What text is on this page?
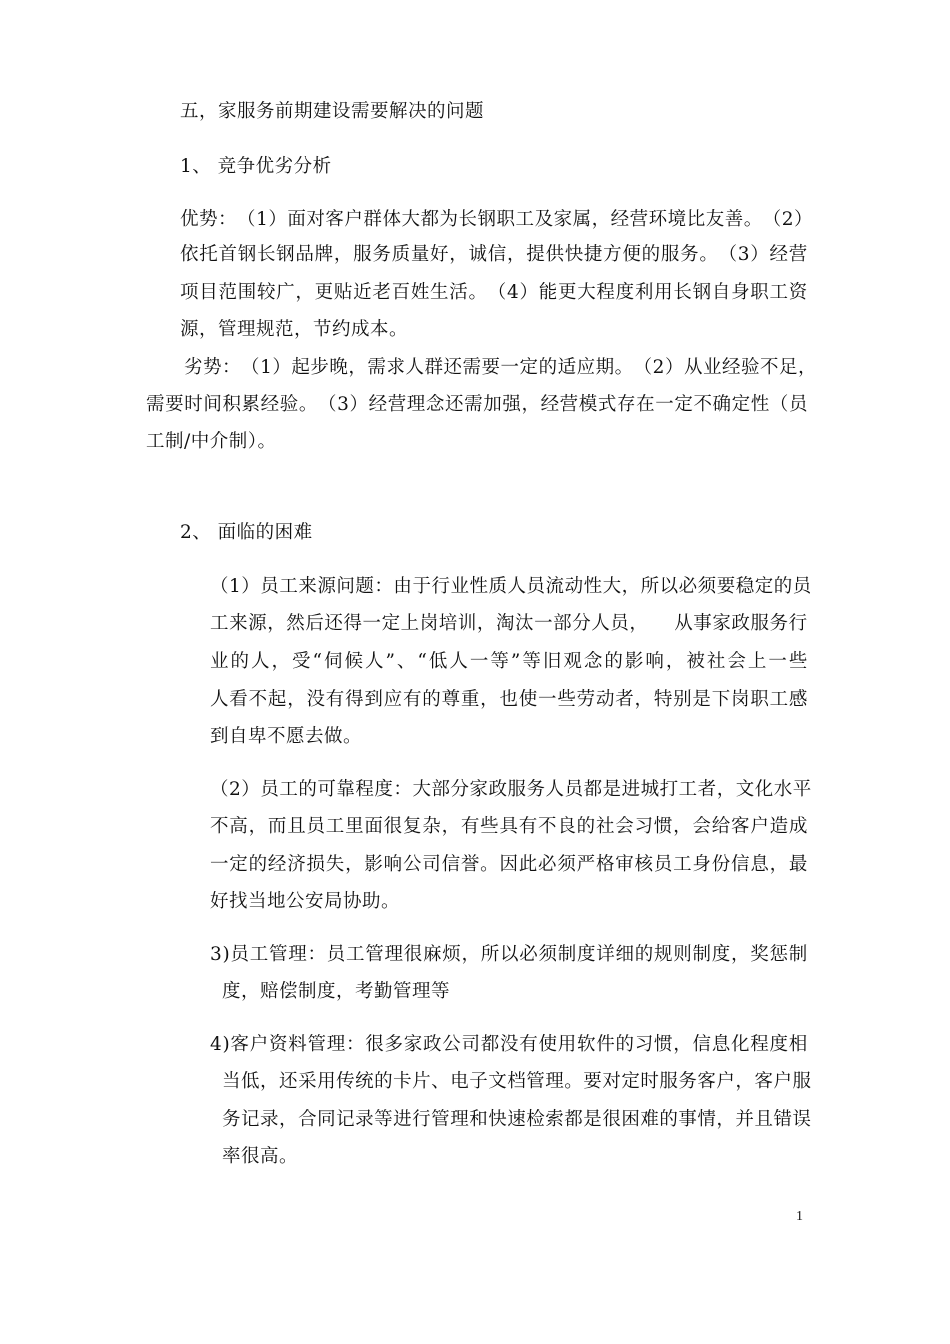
五，家服务前期建设需要解决的问题
1、 竞争优劣分析
优 势 ： （ 1 ） 面 对 客 户 群 体 大 都 为 长 钢 职 工 及 家 属 ， 经 营 环 境 比 友 善 。 （ 2 ）
依 托 首 钢 长 钢 品 牌 ， 服 务 质 量 好 ， 诚 信 ， 提 供 快 捷 方 便 的 服 务 。 （ 3 ） 经 营
项 目 范 围 较 广 ， 更 贴 近 老 百 姓 生 活 。 （ 4 ） 能 更 大 程 度 利 用 长 钢 自 身 职 工 资
源，管理规范，节约成本。
劣 势 ： （ 1 ） 起 步 晚 ， 需 求 人 群 还 需 要 一 定 的 适 应 期 。 （ 2 ） 从 业 经 验 不 足 ，
需 要 时 间 积 累 经 验 。 （ 3 ） 经 营 理 念 还 需 加 强 ， 经 营 模 式 存 在 一 定 不 确 定 性 （ 员
工制/中介制）。
2、 面临的困难
（ 1 ） 员 工 来 源 问 题 ： 由 于 行 业 性 质 人 员 流 动 性 大 ， 所 以 必 须 要 稳 定 的 员
工 来 源 ， 然 后 还 得 一 定 上 岗 培 训 ， 淘 汰 一 部 分 人 员 ，

从 事 家 政 服 务 行
业 的 人 ， 受 “ 伺 候 人 ” 、 “ 低 人 一 等 ” 等 旧 观 念 的 影 响 ， 被 社 会 上 一 些
人 看 不 起 ， 没 有 得 到 应 有 的 尊 重 ， 也 使 一 些 劳 动 者 ， 特 别 是 下 岗 职 工 感
到自卑不愿去做。
（ 2 ） 员 工 的 可 靠 程 度 ： 大 部 分 家 政 服 务 人 员 都 是 进 城 打 工 者 ， 文 化 水 平
不 高 ， 而 且 员 工 里 面 很 复 杂 ， 有 些 具 有 不 良 的 社 会 习 惯 ， 会 给 客 户 造 成
一 定 的 经 济 损 失 ， 影 响 公 司 信 誉 。 因 此 必 须 严 格 审 核 员 工 身 份 信 息 ， 最
好找当地公安局协助。
3 ) 员 工 管 理 ： 员 工 管 理 很 麻 烦 ， 所 以 必 须 制 度 详 细 的 规 则 制 度 ， 奖 惩 制
度，赔偿制度，考勤管理等
4 ) 客 户 资 料 管 理 ： 很 多 家 政 公 司 都 没 有 使 用 软 件 的 习 惯 ， 信 息 化 程 度 相
当 低 ， 还 采 用 传 统 的 卡 片 、 电 子 文 档 管 理 。 要 对 定 时 服 务 客 户 ， 客 户 服
务 记 录 ， 合 同 记 录 等 进 行 管 理 和 快 速 检 索 都 是 很 困 难 的 事 情 ， 并 且 错 误
率很高。
1
